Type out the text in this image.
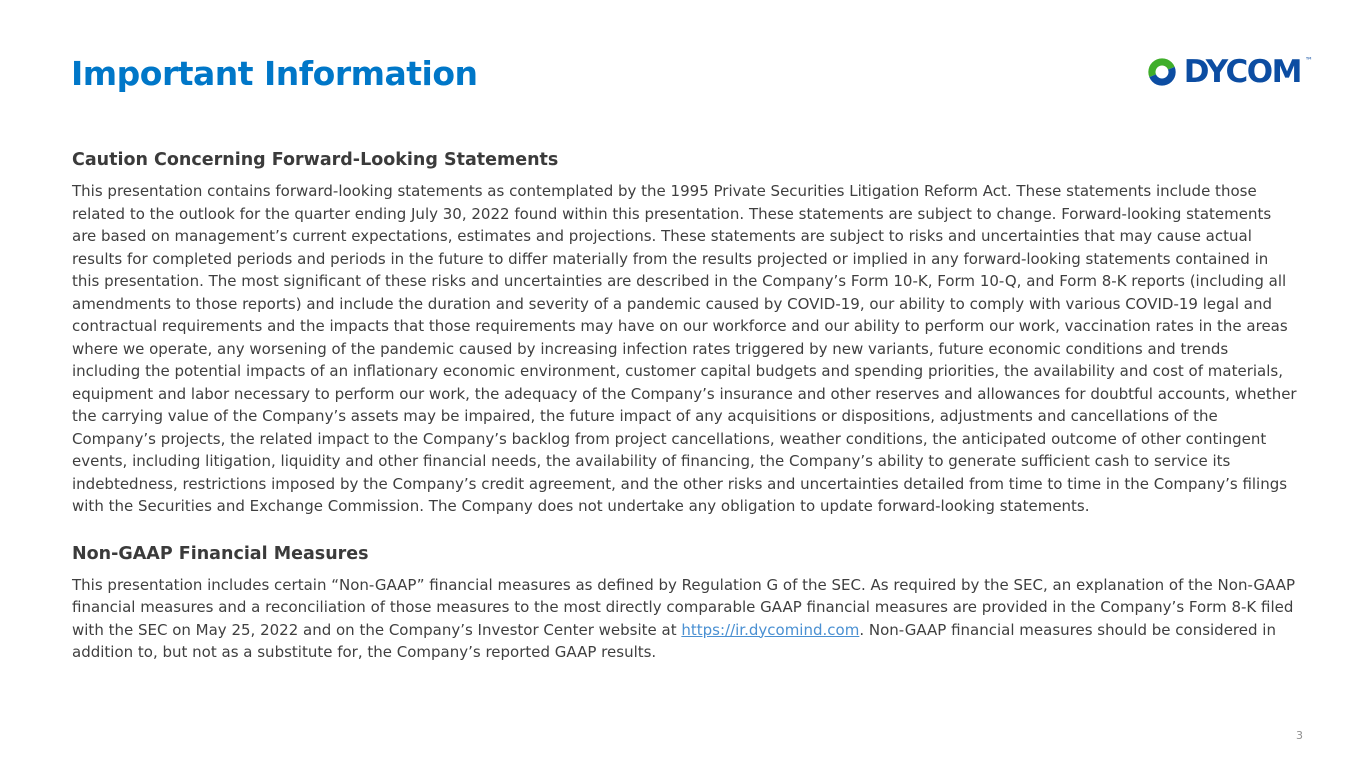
Important Information	DYCOM ™
Caution Concerning Forward-Looking Statements

This presentation contains forward-looking statements as contemplated by the 1995 Private Securities Litigation Reform Act. These statements include those related to the outlook for the quarter ending July 30, 2022 found within this presentation. These statements are subject to change. Forward-looking statements are based on management’s current expectations, estimates and projections. These statements are subject to risks and uncertainties that may cause actual results for completed periods and periods in the future to differ materially from the results projected or implied in any forward-looking statements contained in this presentation. The most significant of these risks and uncertainties are described in the Company’s Form 10-K, Form 10-Q, and Form 8-K reports (including all amendments to those reports) and include the duration and severity of a pandemic caused by COVID-19, our ability to comply with various COVID-19 legal and contractual requirements and the impacts that those requirements may have on our workforce and our ability to perform our work, vaccination rates in the areas where we operate, any worsening of the pandemic caused by increasing infection rates triggered by new variants, future economic conditions and trends including the potential impacts of an inflationary economic environment, customer capital budgets and spending priorities, the availability and cost of materials, equipment and labor necessary to perform our work, the adequacy of the Company’s insurance and other reserves and allowances for doubtful accounts, whether the carrying value of the Company’s assets may be impaired, the future impact of any acquisitions or dispositions, adjustments and cancellations of the Company’s projects, the related impact to the Company’s backlog from project cancellations, weather conditions, the anticipated outcome of other contingent events, including litigation, liquidity and other financial needs, the availability of financing, the Company’s ability to generate sufficient cash to service its indebtedness, restrictions imposed by the Company’s credit agreement, and the other risks and uncertainties detailed from time to time in the Company’s filings with the Securities and Exchange Commission. The Company does not undertake any obligation to update forward-looking statements.

Non-GAAP Financial Measures

This presentation includes certain “Non-GAAP” financial measures as defined by Regulation G of the SEC. As required by the SEC, an explanation of the Non-GAAP financial measures and a reconciliation of those measures to the most directly comparable GAAP financial measures are provided in the Company’s Form 8-K filed with the SEC on May 25, 2022 and on the Company’s Investor Center website at https://ir.dycomind.com. Non-GAAP financial measures should be considered in addition to, but not as a substitute for, the Company’s reported GAAP results.

3
